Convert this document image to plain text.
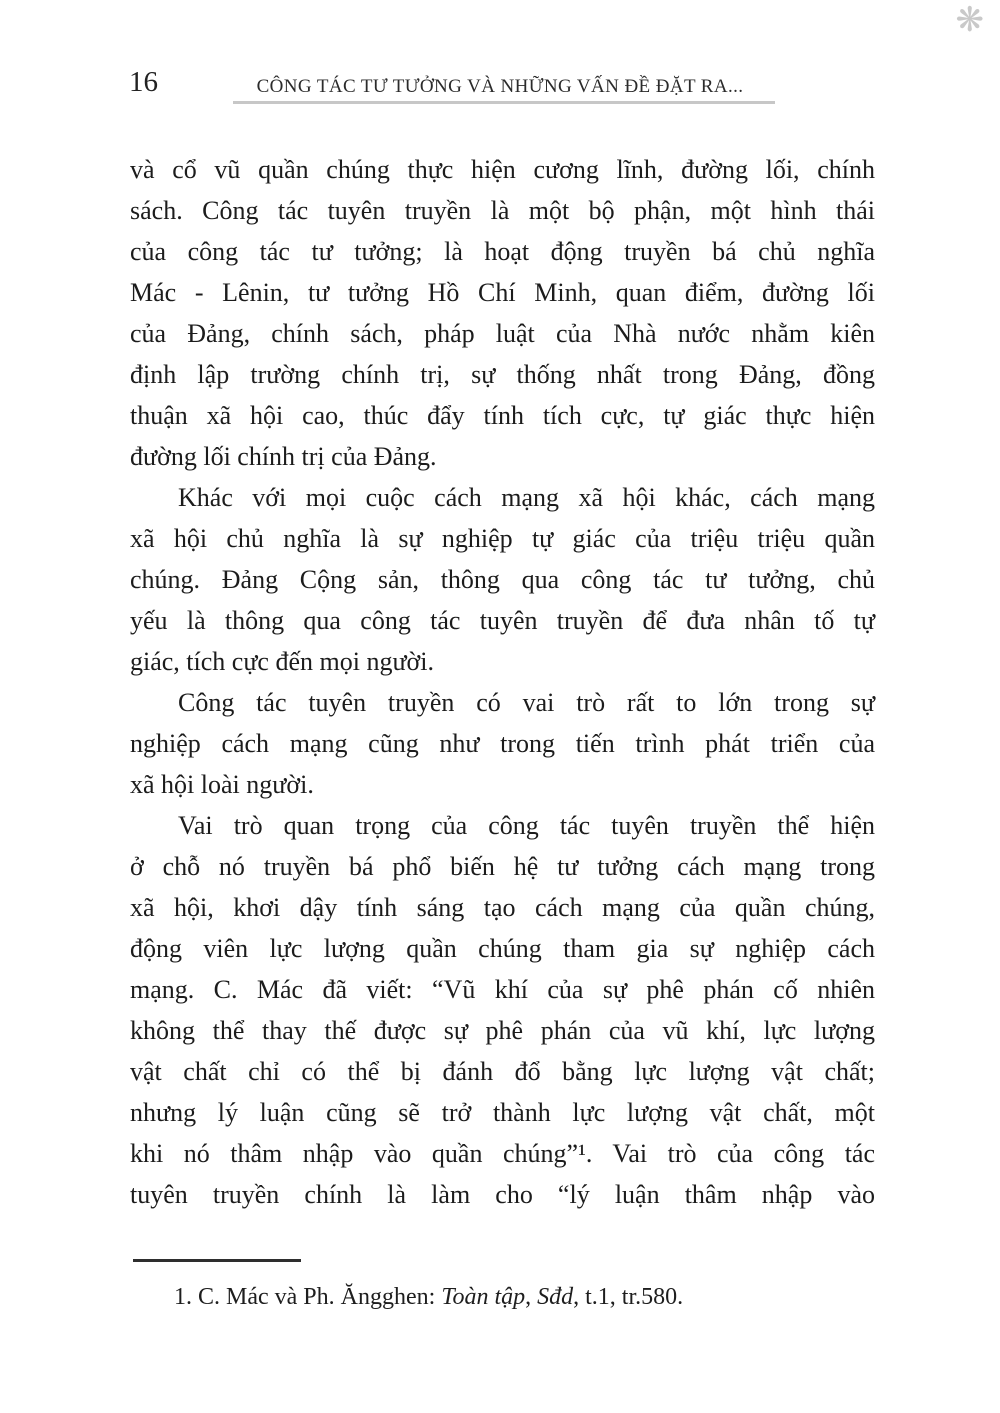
❋
16	CÔNG TÁC TƯ TƯỞNG VÀ NHỮNG VẤN ĐỀ ĐẶT RA...
và cổ vũ quần chúng thực hiện cương lĩnh, đường lối, chính
sách. Công tác tuyên truyền là một bộ phận, một hình thái
của công tác tư tưởng; là hoạt động truyền bá chủ nghĩa
Mác - Lênin, tư tưởng Hồ Chí Minh, quan điểm, đường lối
của Đảng, chính sách, pháp luật của Nhà nước nhằm kiên
định lập trường chính trị, sự thống nhất trong Đảng, đồng
thuận xã hội cao, thúc đẩy tính tích cực, tự giác thực hiện
đường lối chính trị của Đảng.
Khác với mọi cuộc cách mạng xã hội khác, cách mạng
xã hội chủ nghĩa là sự nghiệp tự giác của triệu triệu quần
chúng. Đảng Cộng sản, thông qua công tác tư tưởng, chủ
yếu là thông qua công tác tuyên truyền để đưa nhân tố tự
giác, tích cực đến mọi người.
Công tác tuyên truyền có vai trò rất to lớn trong sự
nghiệp cách mạng cũng như trong tiến trình phát triển của
xã hội loài người.
Vai trò quan trọng của công tác tuyên truyền thể hiện
ở chỗ nó truyền bá phổ biến hệ tư tưởng cách mạng trong
xã hội, khơi dậy tính sáng tạo cách mạng của quần chúng,
động viên lực lượng quần chúng tham gia sự nghiệp cách
mạng. C. Mác đã viết: “Vũ khí của sự phê phán cố nhiên
không thể thay thế được sự phê phán của vũ khí, lực lượng
vật chất chỉ có thể bị đánh đổ bằng lực lượng vật chất;
nhưng lý luận cũng sẽ trở thành lực lượng vật chất, một
khi nó thâm nhập vào quần chúng”¹. Vai trò của công tác
tuyên truyền chính là làm cho “lý luận thâm nhập vào
1. C. Mác và Ph. Ăngghen: Toàn tập, Sđd, t.1, tr.580.
